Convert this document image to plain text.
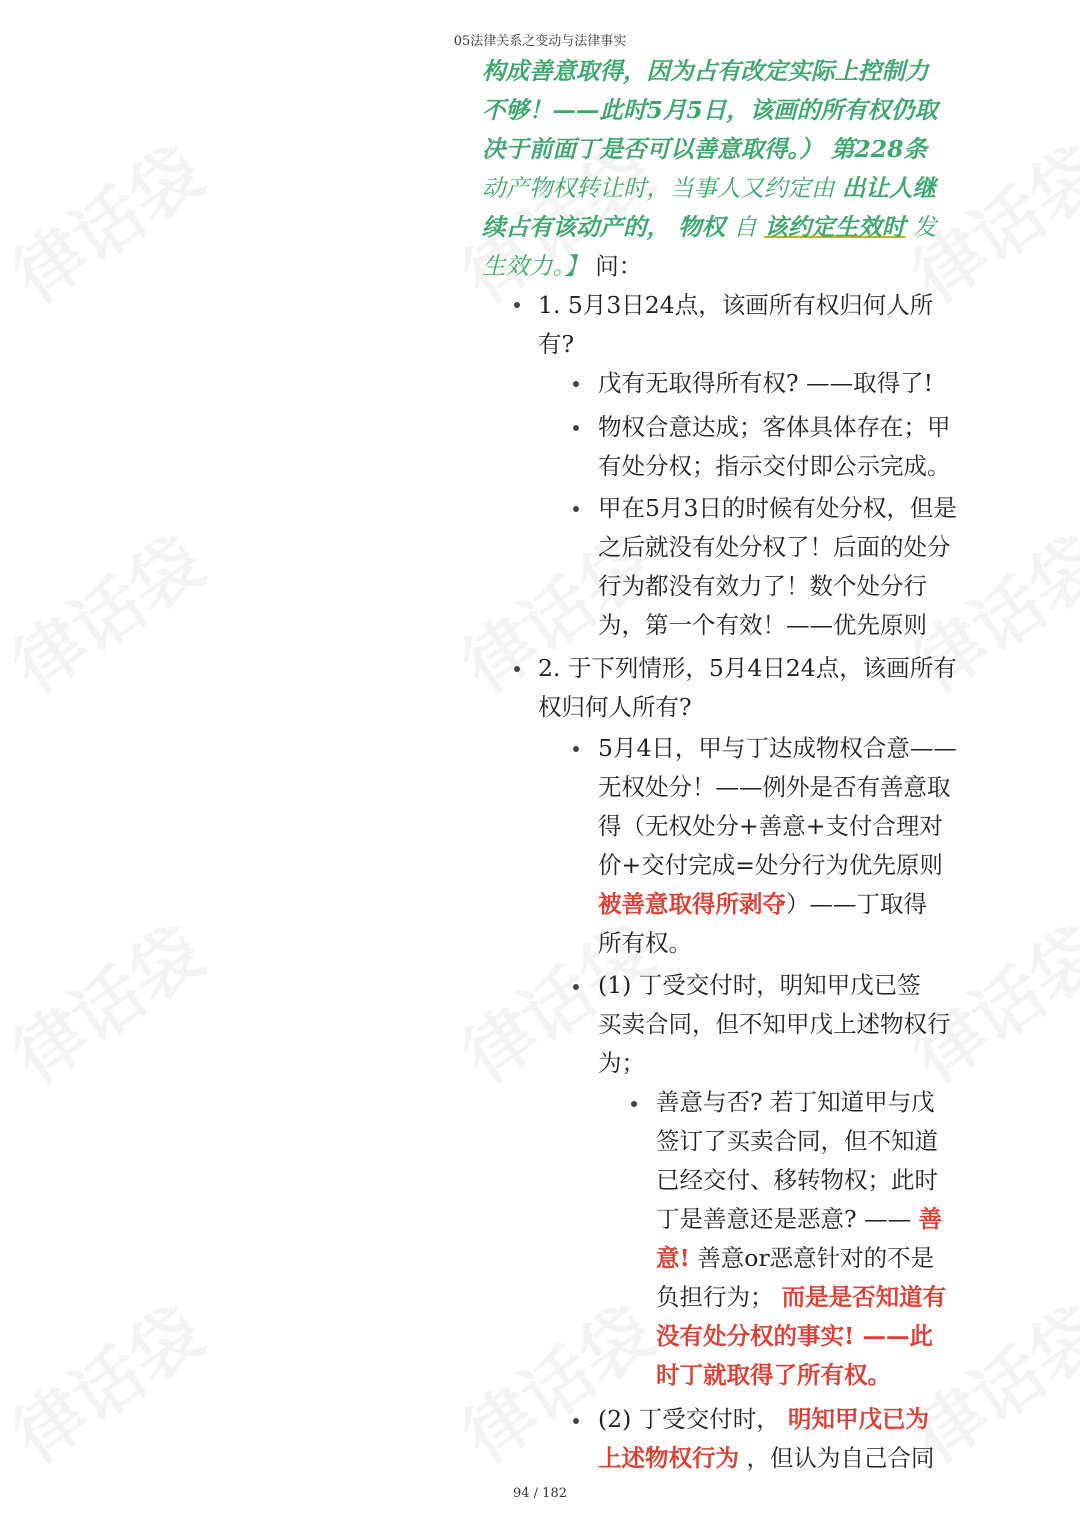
05法律关系之变动与法律事实
94 / 182

构成善意取得，因为占有改定实际上控制力

不够！——此时5月5日，该画的所有权仍取

决于前面丁是否可以善意取得。） 第228条

动产物权转让时，当事人又约定由 出让人继

续占有该动产的， 物权 自 该约定生效时 发

生效力。】 问：

1. 5月3日24点，该画所有权归何人所

有?

戊有无取得所有权? ——取得了!

物权合意达成；客体具体存在；甲

有处分权；指示交付即公示完成。

甲在5月3日的时候有处分权，但是

之后就没有处分权了！后面的处分

行为都没有效力了！数个处分行

为，第一个有效！——优先原则

2. 于下列情形，5月4日24点，该画所有

权归何人所有?

5月4日，甲与丁达成物权合意——

无权处分！——例外是否有善意取

得（无权处分+善意+支付合理对

价+交付完成=处分行为优先原则

被善意取得所剥夺）——丁取得

所有权。

(1) 丁受交付时，明知甲戊已签

买卖合同，但不知甲戊上述物权行

为；

善意与否? 若丁知道甲与戊

签订了买卖合同，但不知道

已经交付、移转物权；此时

丁是善意还是恶意? —— 善

意! 善意or恶意针对的不是

负担行为； 而是是否知道有

没有处分权的事实! ——此

时丁就取得了所有权。

(2) 丁受交付时， 明知甲戊已为

上述物权行为 ，但认为自己合同
